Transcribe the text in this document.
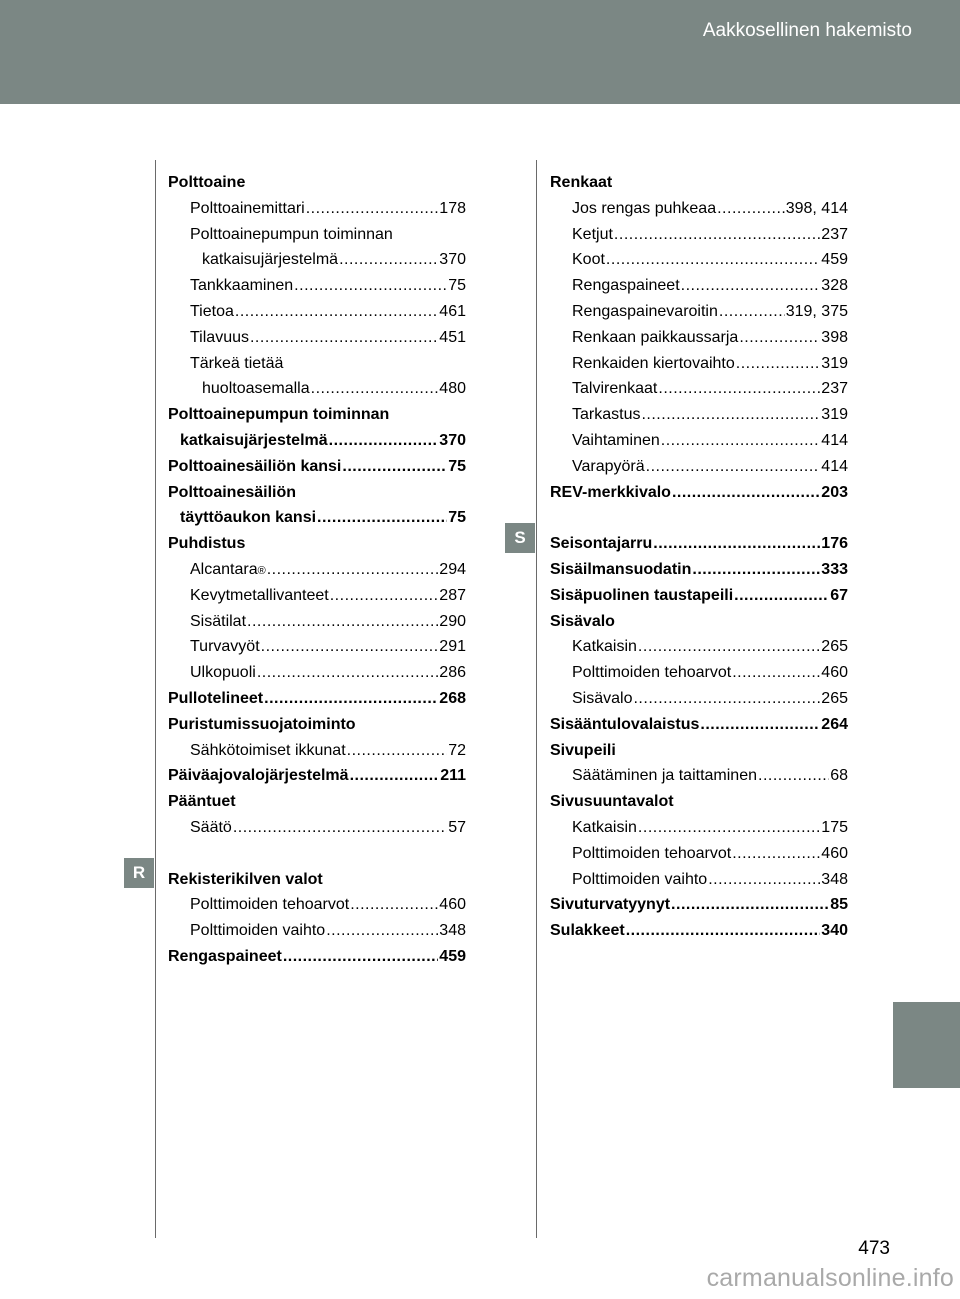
Aakkosellinen hakemisto
R
S
Polttoaine
Polttoainemittari .....	178
Polttoainepumpun toiminnan
katkaisujärjestelmä .....	370
Tankkaaminen .....	75
Tietoa .....	461
Tilavuus .....	451
Tärkeä tietää
huoltoasemalla .....	480
Polttoainepumpun toiminnan
katkaisujärjestelmä .....	370
Polttoainesäiliön kansi .....	75
Polttoainesäiliön
täyttöaukon kansi .....	75
Puhdistus
Alcantara ® .....	294
Kevytmetallivanteet .....	287
Sisätilat .....	290
Turvavyöt .....	291
Ulkopuoli .....	286
Pullotelineet .....	268
Puristumissuojatoiminto
Sähkötoimiset ikkunat .....	72
Päiväajovalojärjestelmä .....	211
Pääntuet
Säätö .....	57
Rekisterikilven valot
Polttimoiden tehoarvot .....	460
Polttimoiden vaihto .....	348
Rengaspaineet .....	459
Renkaat
Jos rengas puhkeaa .....	398, 414
Ketjut .....	237
Koot .....	459
Rengaspaineet .....	328
Rengaspainevaroitin .....	319, 375
Renkaan paikkaussarja .....	398
Renkaiden kiertovaihto .....	319
Talvirenkaat .....	237
Tarkastus .....	319
Vaihtaminen .....	414
Varapyörä .....	414
REV-merkkivalo .....	203
Seisontajarru .....	176
Sisäilmansuodatin .....	333
Sisäpuolinen taustapeili .....	67
Sisävalo
Katkaisin .....	265
Polttimoiden tehoarvot .....	460
Sisävalo .....	265
Sisääntulovalaistus .....	264
Sivupeili
Säätäminen ja taittaminen .....	68
Sivusuuntavalot
Katkaisin .....	175
Polttimoiden tehoarvot .....	460
Polttimoiden vaihto .....	348
Sivuturvatyynyt .....	85
Sulakkeet .....	340
473
carmanualsonline.info
